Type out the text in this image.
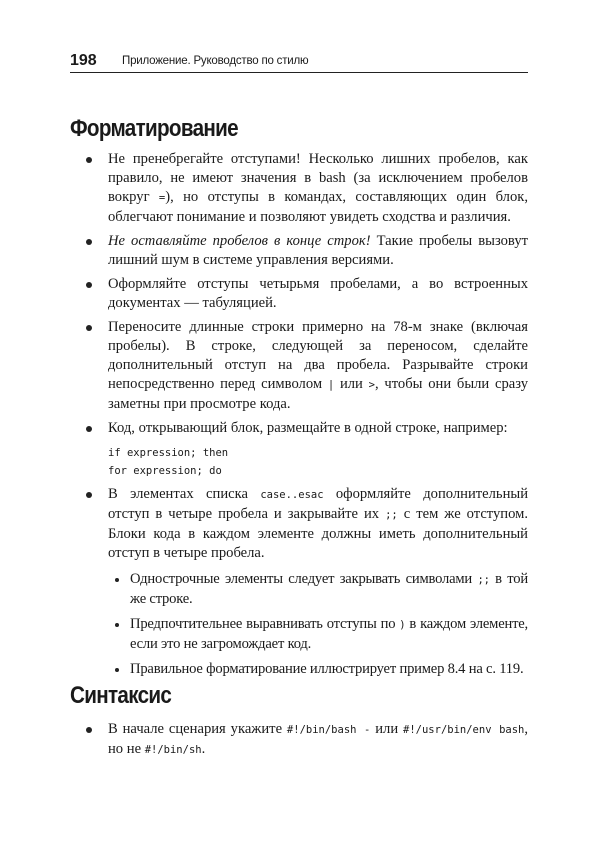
198 Приложение. Руководство по стилю
Форматирование
Не пренебрегайте отступами! Несколько лишних пробелов, как правило, не имеют значения в bash (за исключением пробелов вокруг =), но отступы в командах, составляющих один блок, облегчают понимание и позволяют увидеть сходства и различия.
Не оставляйте пробелов в конце строк! Такие пробелы вызовут лишний шум в системе управления версиями.
Оформляйте отступы четырьмя пробелами, а во встроенных документах — табуляцией.
Переносите длинные строки примерно на 78-м знаке (включая пробелы). В строке, следующей за переносом, сделайте дополнительный отступ на два пробела. Разрывайте строки непосредственно перед символом | или >, чтобы они были сразу заметны при просмотре кода.
Код, открывающий блок, размещайте в одной строке, например:
if expression; then
for expression; do
В элементах списка case..esac оформляйте дополнительный отступ в четыре пробела и закрывайте их ;; с тем же отступом. Блоки кода в каждом элементе должны иметь дополнительный отступ в четыре пробела.
Однострочные элементы следует закрывать символами ;; в той же строке.
Предпочтительнее выравнивать отступы по ) в каждом элементе, если это не загромождает код.
Правильное форматирование иллюстрирует пример 8.4 на с. 119.
Синтаксис
В начале сценария укажите #!/bin/bash - или #!/usr/bin/env bash, но не #!/bin/sh.
